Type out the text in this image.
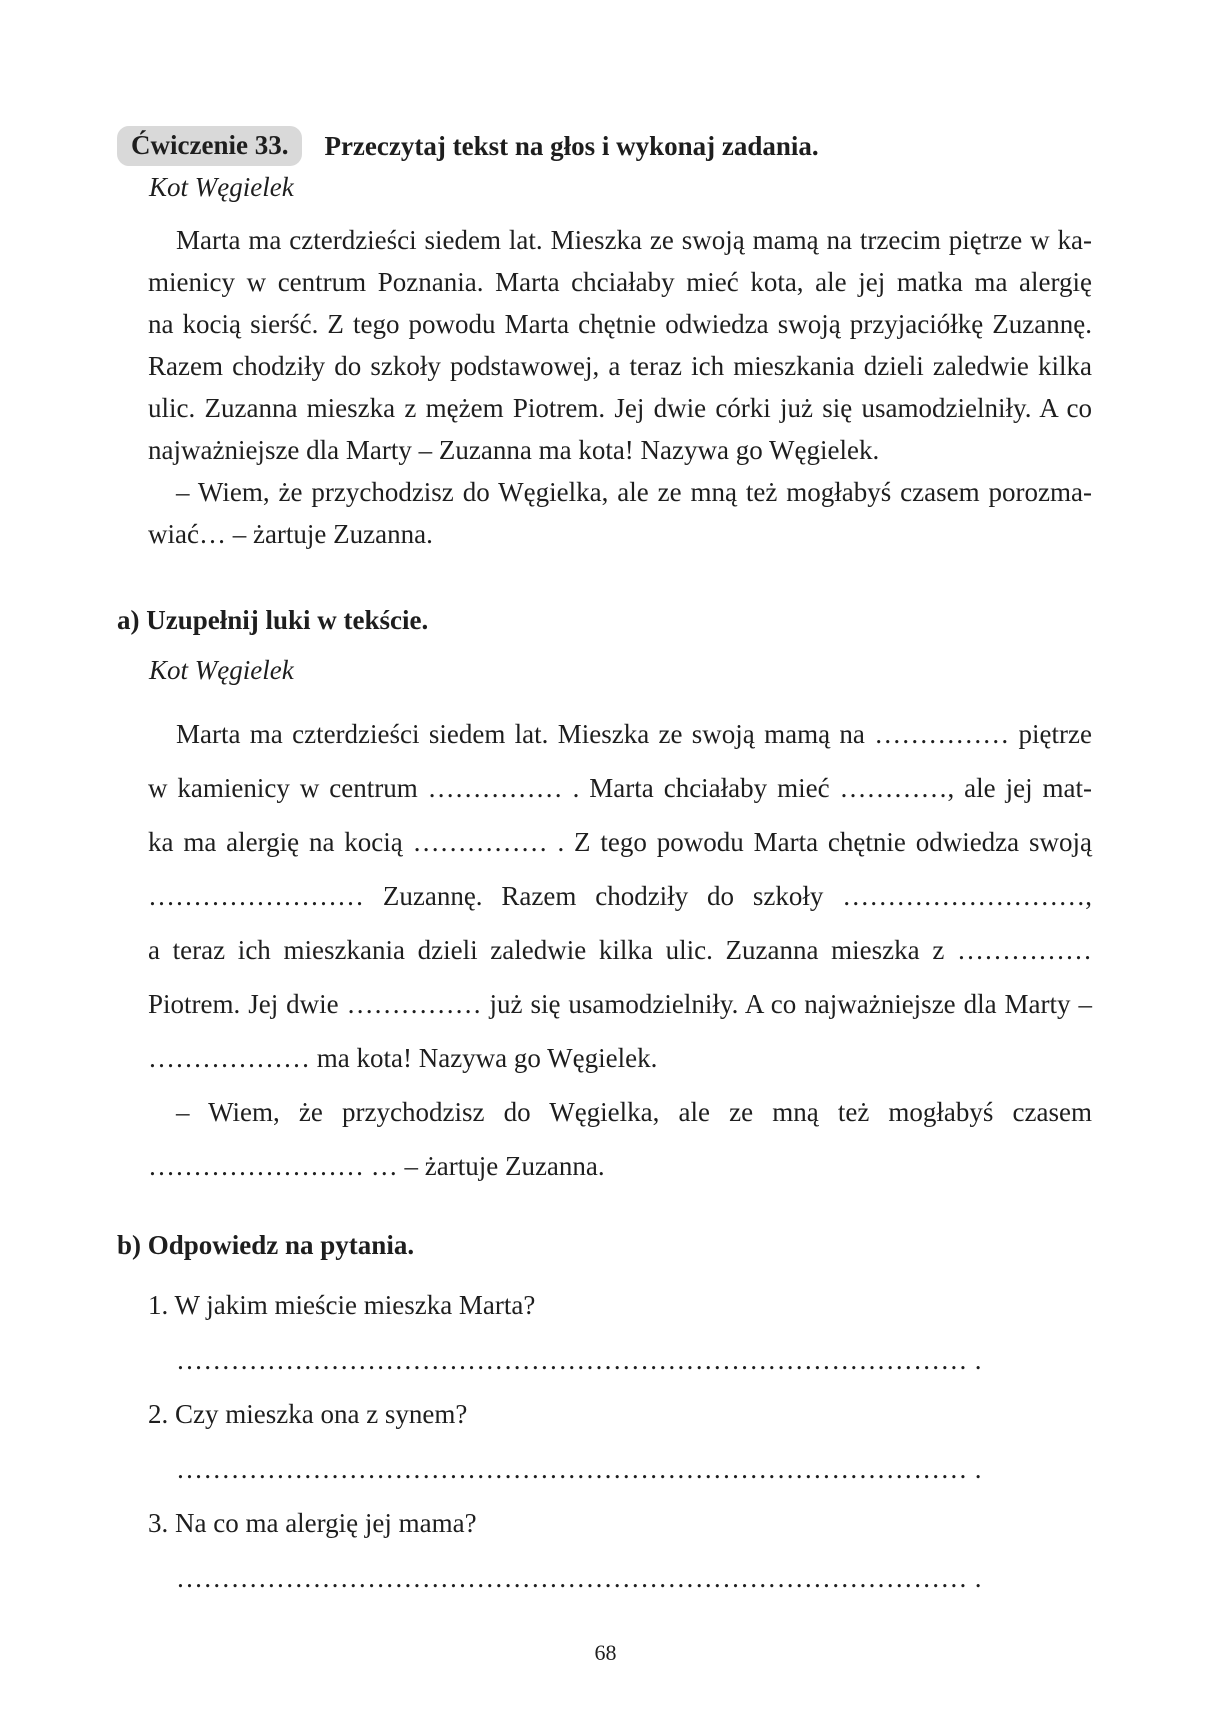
Ćwiczenie 33.	Przeczytaj tekst na głos i wykonaj zadania.
Kot Węgielek
Marta ma czterdzieści siedem lat. Mieszka ze swoją mamą na trzecim piętrze w ka-
mienicy w centrum Poznania. Marta chciałaby mieć kota, ale jej matka ma alergię
na kocią sierść. Z tego powodu Marta chętnie odwiedza swoją przyjaciółkę Zuzannę.
Razem chodziły do szkoły podstawowej, a teraz ich mieszkania dzieli zaledwie kilka
ulic. Zuzanna mieszka z mężem Piotrem. Jej dwie córki już się usamodzielniły. A co
najważniejsze dla Marty – Zuzanna ma kota! Nazywa go Węgielek.
– Wiem, że przychodzisz do Węgielka, ale ze mną też mogłabyś czasem porozma-
wiać… – żartuje Zuzanna.
a) Uzupełnij luki w tekście.
Kot Węgielek
Marta ma czterdzieści siedem lat. Mieszka ze swoją mamą na …………… piętrze
w kamienicy w centrum …………… . Marta chciałaby mieć …………, ale jej mat-
ka ma alergię na kocią …………… . Z tego powodu Marta chętnie odwiedza swoją
…………………… Zuzannę. Razem chodziły do szkoły ………………………,
a teraz ich mieszkania dzieli zaledwie kilka ulic. Zuzanna mieszka z ……………
Piotrem. Jej dwie …………… już się usamodzielniły. A co najważniejsze dla Marty –
……………… ma kota! Nazywa go Węgielek.
– Wiem, że przychodzisz do Węgielka, ale ze mną też mogłabyś czasem
…………………… … – żartuje Zuzanna.
b) Odpowiedz na pytania.
1. W jakim mieście mieszka Marta?
…………………………………………………………………………… .
2. Czy mieszka ona z synem?
…………………………………………………………………………… .
3. Na co ma alergię jej mama?
…………………………………………………………………………… .
68
